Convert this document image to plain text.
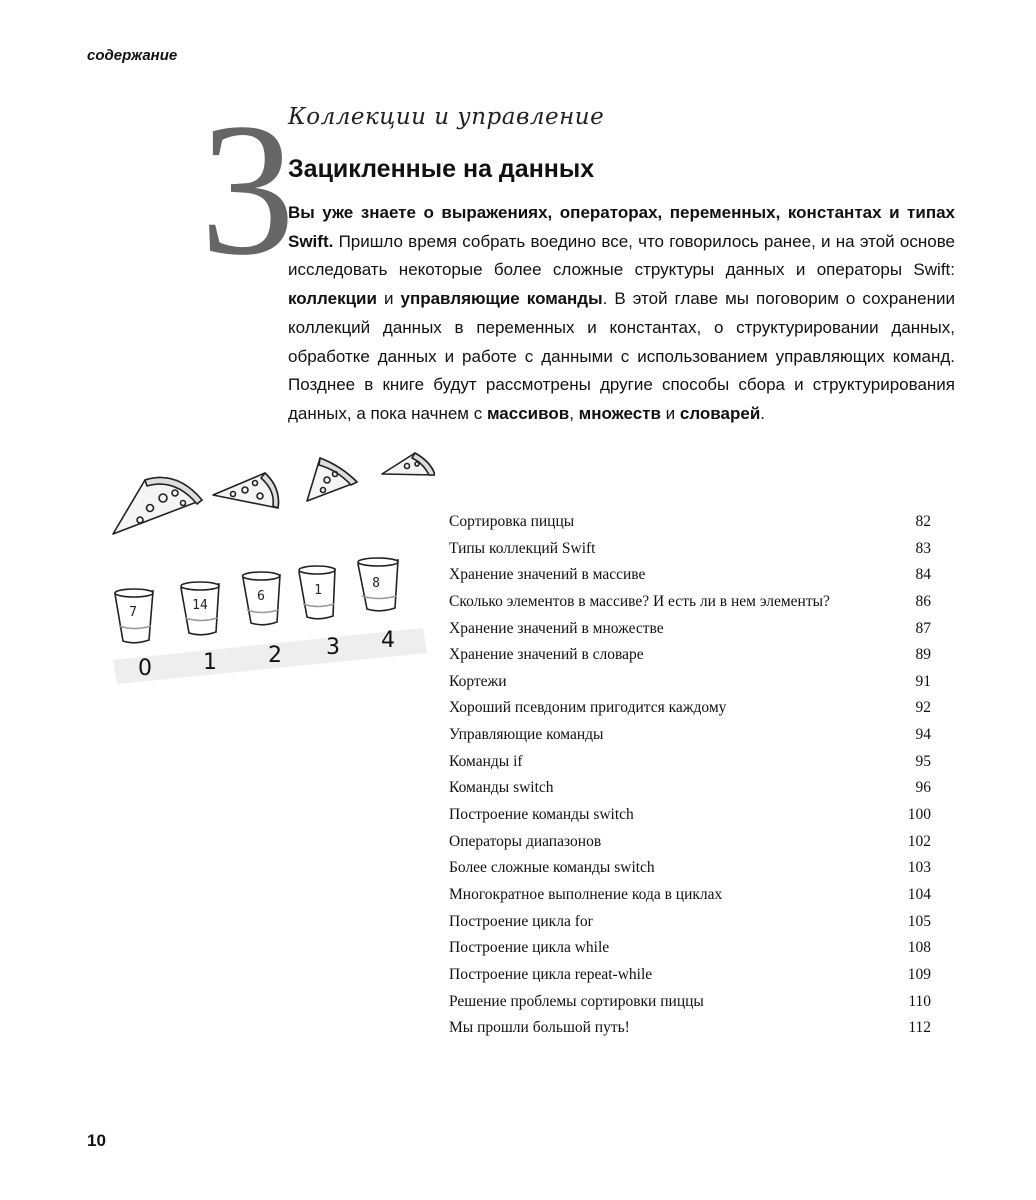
содержание
3
Коллекции и управление
Зацикленные на данных
Вы уже знаете о выражениях, операторах, переменных, константах и типах Swift. Пришло время собрать воедино все, что говорилось ранее, и на этой основе исследовать некоторые более сложные структуры данных и операторы Swift: коллекции и управляющие команды. В этой главе мы поговорим о сохранении коллекций данных в переменных и константах, о структурировании данных, обработке данных и работе с данными с использованием управляющих команд. Позднее в книге будут рассмотрены другие способы сбора и структурирования данных, а пока начнем с массивов, множеств и словарей.
7	14
6	1	8
0 1 2 3 4
Сортировка пиццы	82
Типы коллекций Swift	83
Хранение значений в массиве	84
Сколько элементов в массиве? И есть ли в нем элементы?	86
Хранение значений в множестве	87
Хранение значений в словаре	89
Кортежи	91
Хороший псевдоним пригодится каждому	92
Управляющие команды	94
Команды if	95
Команды switch	96
Построение команды switch	100
Операторы диапазонов	102
Более сложные команды switch	103
Многократное выполнение кода в циклах	104
Построение цикла for	105
Построение цикла while	108
Построение цикла repeat-while	109
Решение проблемы сортировки пиццы	110
Мы прошли большой путь!	112
10
